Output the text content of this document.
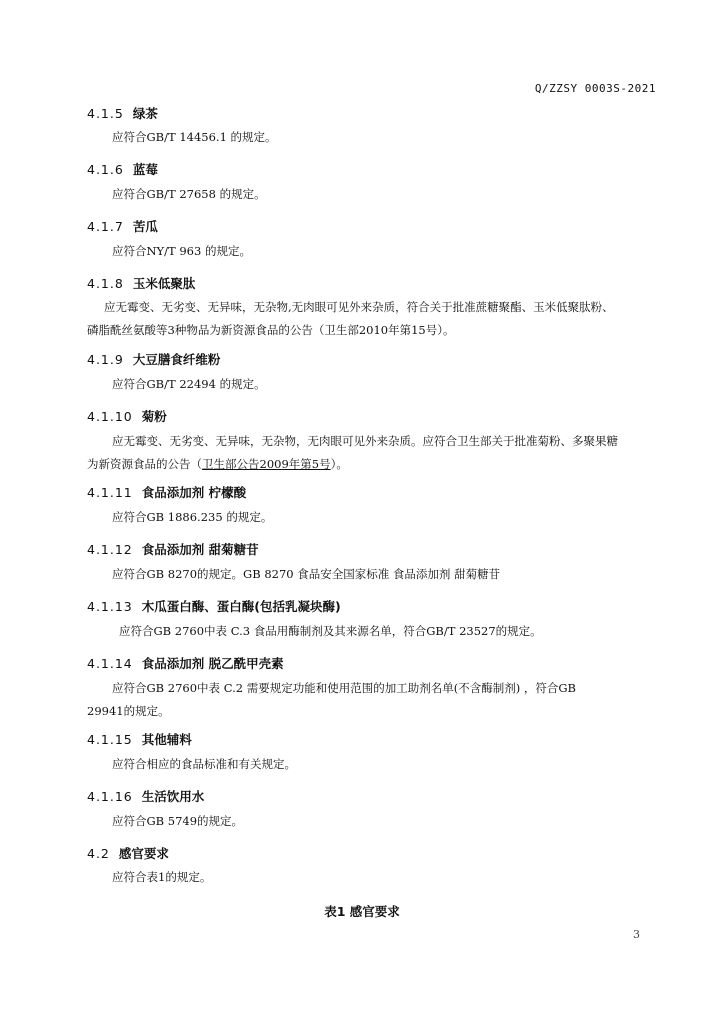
Q/ZZSY 0003S-2021
4.1.5 绿茶
应符合GB/T 14456.1 的规定。
4.1.6 蓝莓
应符合GB/T 27658 的规定。
4.1.7 苦瓜
应符合NY/T 963 的规定。
4.1.8 玉米低聚肽
应无霉变、无劣变、无异味，无杂物,无肉眼可见外来杂质，符合关于批准蔗糖聚酯、玉米低聚肽粉、
磷脂酰丝氨酸等3种物品为新资源食品的公告（卫生部2010年第15号）。
4.1.9 大豆膳食纤维粉
应符合GB/T 22494 的规定。
4.1.10 菊粉
应无霉变、无劣变、无异味，无杂物，无肉眼可见外来杂质。应符合卫生部关于批准菊粉、多聚果糖
为新资源食品的公告（卫生部公告2009年第5号）。
4.1.11 食品添加剂 柠檬酸
应符合GB 1886.235 的规定。
4.1.12 食品添加剂 甜菊糖苷
应符合GB 8270的规定。GB 8270 食品安全国家标准 食品添加剂 甜菊糖苷
4.1.13 木瓜蛋白酶、蛋白酶(包括乳凝块酶)
应符合GB 2760中表 C.3 食品用酶制剂及其来源名单，符合GB/T 23527的规定。
4.1.14 食品添加剂 脱乙酰甲壳素
应符合GB 2760中表 C.2 需要规定功能和使用范围的加工助剂名单(不含酶制剂) ，符合GB
29941的规定。
4.1.15 其他辅料
应符合相应的食品标准和有关规定。
4.1.16 生活饮用水
应符合GB 5749的规定。
4.2 感官要求
应符合表1的规定。
表1 感官要求
3
